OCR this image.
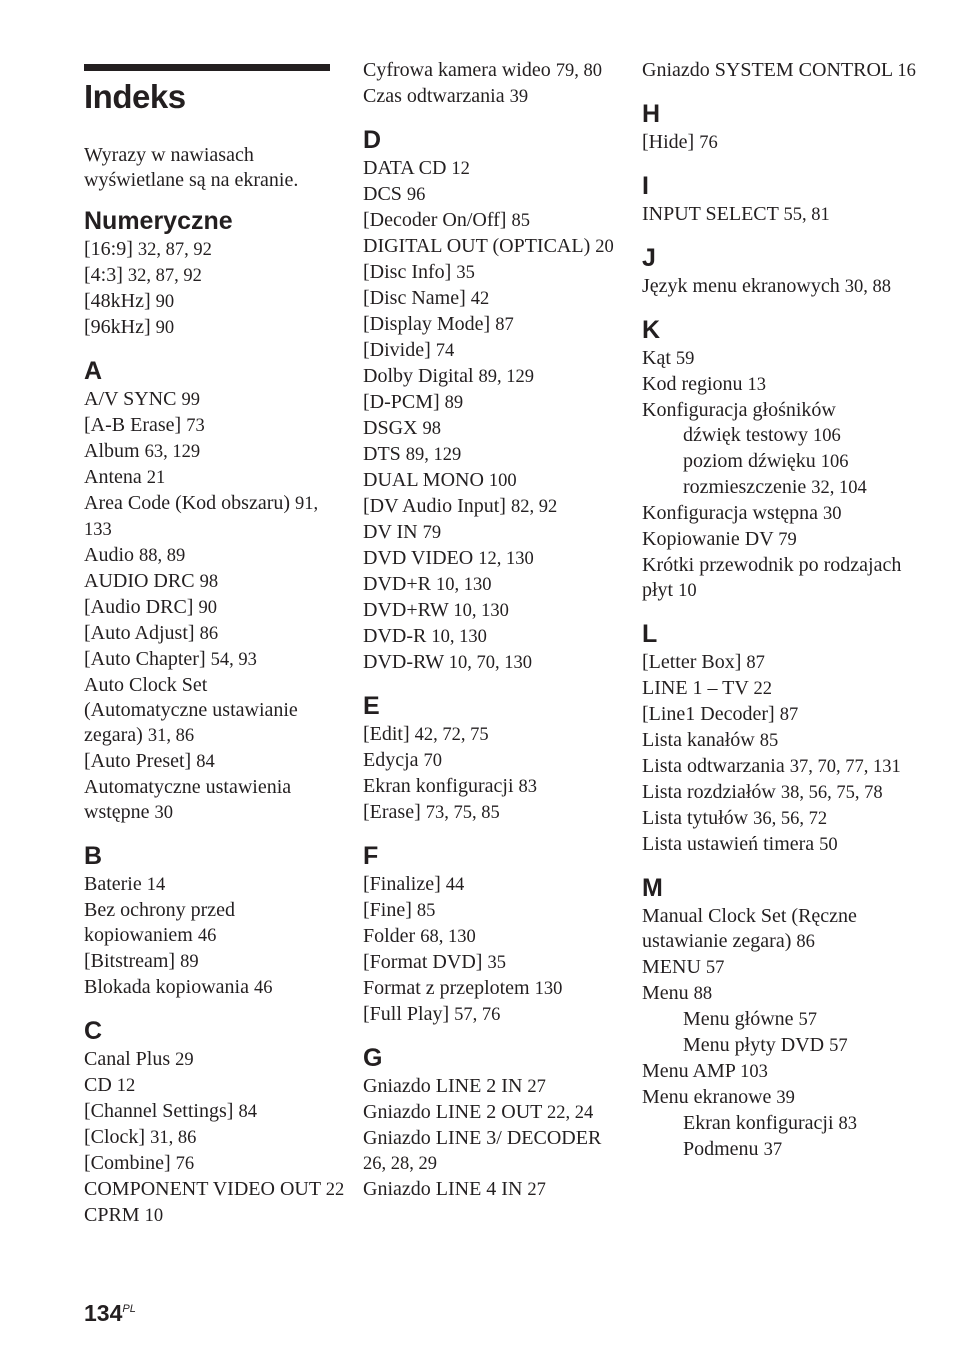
Indeks

Wyrazy w nawiasach wyświetlane są na ekranie.

Numeryczne
[16:9] 32, 87, 92
[4:3] 32, 87, 92
[48kHz] 90
[96kHz] 90
A
A/V SYNC 99
[A-B Erase] 73
Album 63, 129
Antena 21
Area Code (Kod obszaru) 91, 133
Audio 88, 89
AUDIO DRC 98
[Audio DRC] 90
[Auto Adjust] 86
[Auto Chapter] 54, 93
Auto Clock Set (Automatyczne ustawianie zegara) 31, 86
[Auto Preset] 84
Automatyczne ustawienia wstępne 30
B
Baterie 14
Bez ochrony przed kopiowaniem 46
[Bitstream] 89
Blokada kopiowania 46
C
Canal Plus 29
CD 12
[Channel Settings] 84
[Clock] 31, 86
[Combine] 76
COMPONENT VIDEO OUT 22
CPRM 10
Cyfrowa kamera wideo 79, 80
Czas odtwarzania 39
D
DATA CD 12
DCS 96
[Decoder On/Off] 85
DIGITAL OUT (OPTICAL) 20
[Disc Info] 35
[Disc Name] 42
[Display Mode] 87
[Divide] 74
Dolby Digital 89, 129
[D-PCM] 89
DSGX 98
DTS 89, 129
DUAL MONO 100
[DV Audio Input] 82, 92
DV IN 79
DVD VIDEO 12, 130
DVD+R 10, 130
DVD+RW 10, 130
DVD-R 10, 130
DVD-RW 10, 70, 130
E
[Edit] 42, 72, 75
Edycja 70
Ekran konfiguracji 83
[Erase] 73, 75, 85
F
[Finalize] 44
[Fine] 85
Folder 68, 130
[Format DVD] 35
Format z przeplotem 130
[Full Play] 57, 76
G
Gniazdo LINE 2 IN 27
Gniazdo LINE 2 OUT 22, 24
Gniazdo LINE 3/ DECODER 26, 28, 29
Gniazdo LINE 4 IN 27
Gniazdo SYSTEM CONTROL 16
H
[Hide] 76
I
INPUT SELECT 55, 81
J
Język menu ekranowych 30, 88
K
Kąt 59
Kod regionu 13
Konfiguracja głośników
dźwięk testowy 106
poziom dźwięku 106
rozmieszczenie 32, 104
Konfiguracja wstępna 30
Kopiowanie DV 79
Krótki przewodnik po rodzajach płyt 10
L
[Letter Box] 87
LINE 1 – TV 22
[Line1 Decoder] 87
Lista kanałów 85
Lista odtwarzania 37, 70, 77, 131
Lista rozdziałów 38, 56, 75, 78
Lista tytułów 36, 56, 72
Lista ustawień timera 50
M
Manual Clock Set (Ręczne ustawianie zegara) 86
MENU 57
Menu 88
Menu główne 57
Menu płyty DVD 57
Menu AMP 103
Menu ekranowe 39
Ekran konfiguracji 83
Podmenu 37
$134^{PL}$
